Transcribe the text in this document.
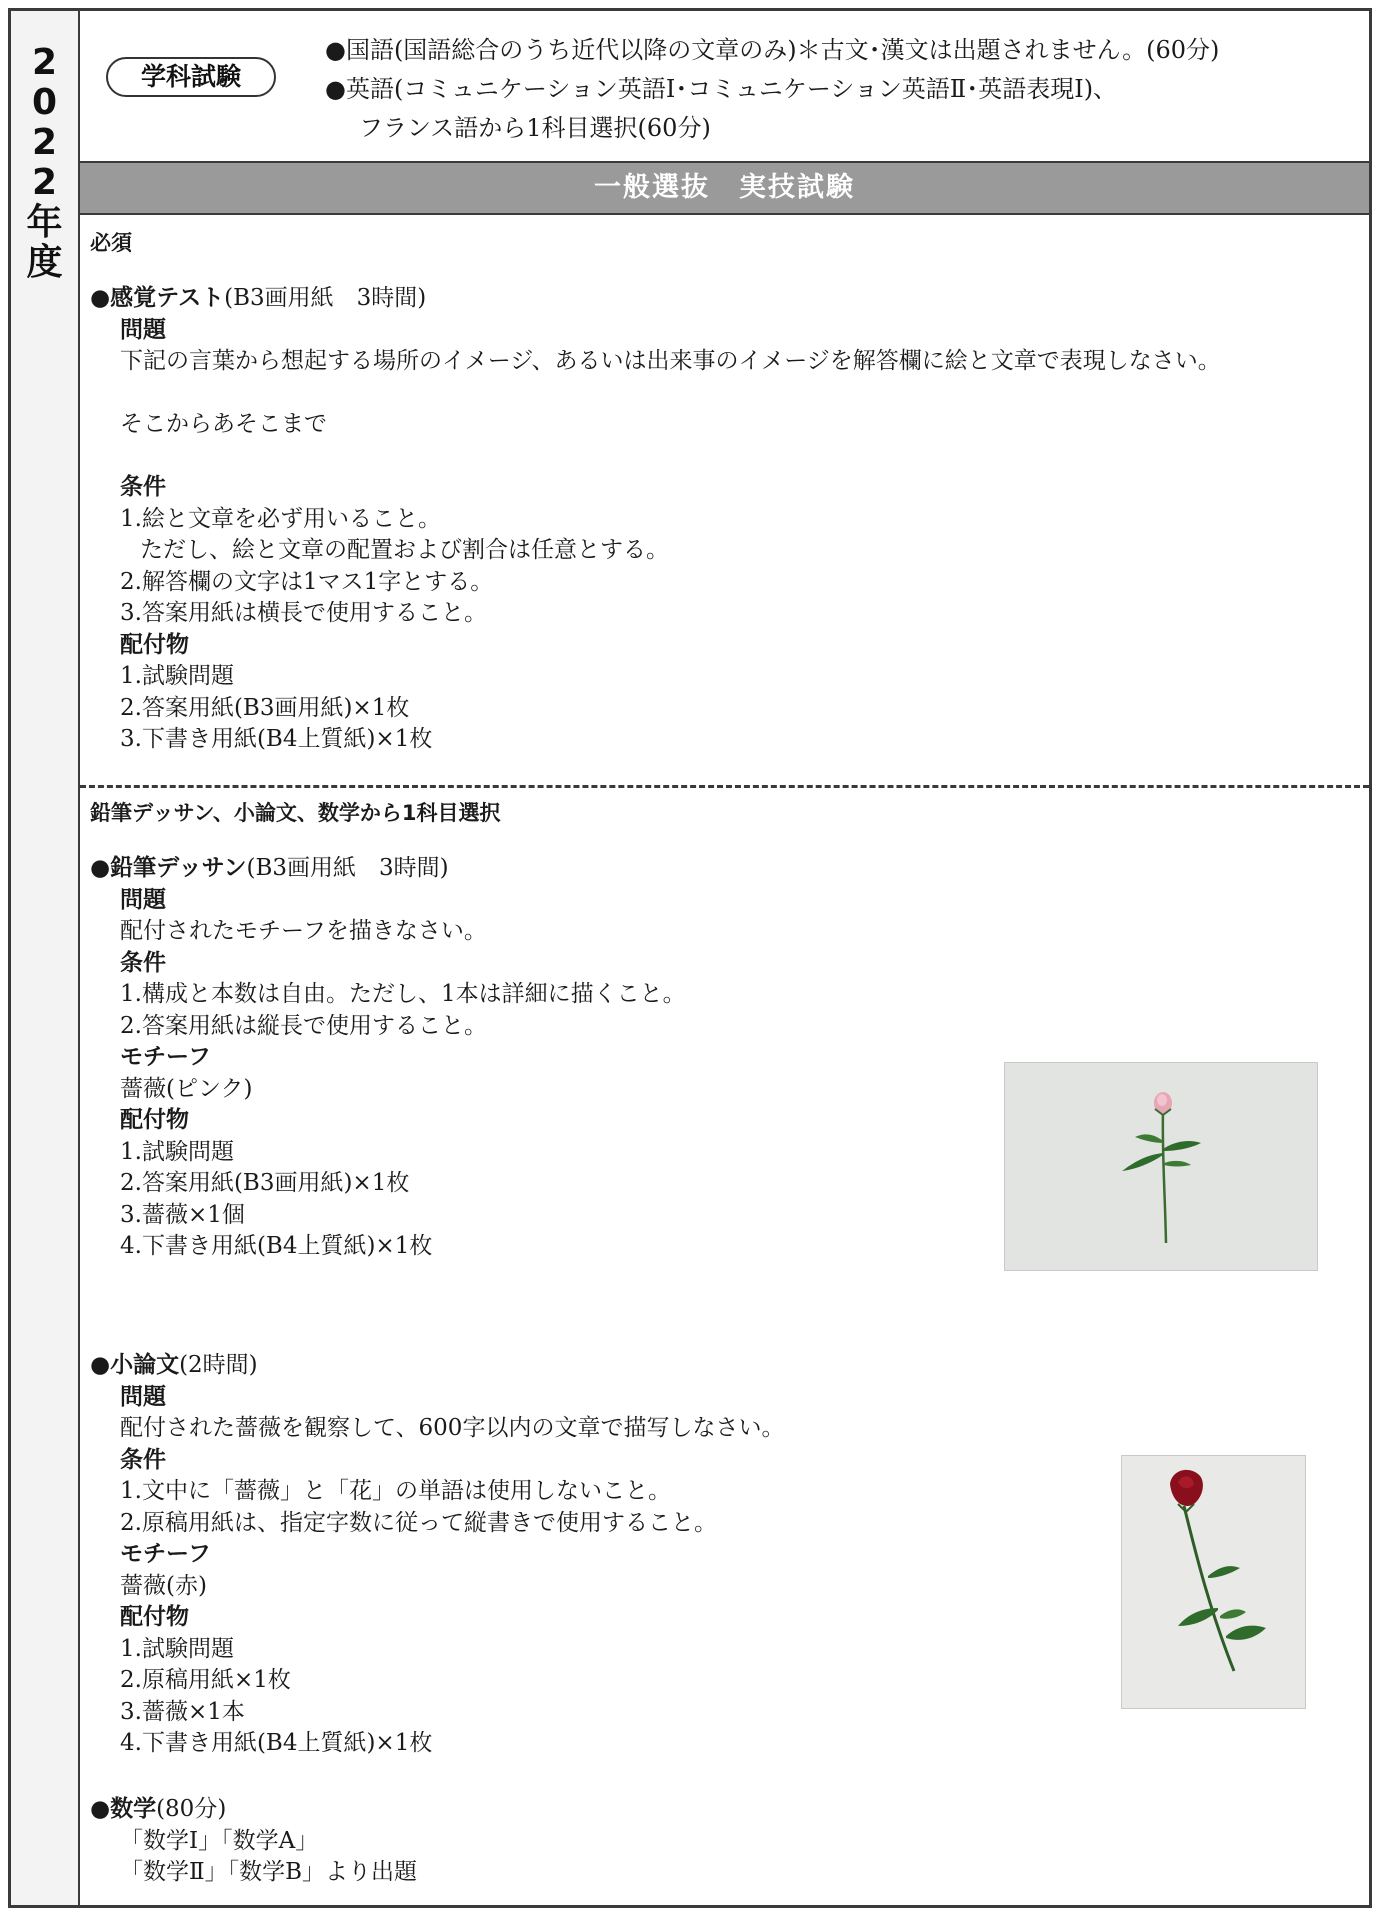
2
0
2
2
年
度
学科試験
●国語(国語総合のうち近代以降の文章のみ)＊古文･漢文は出題されません。(60分)
●英語(コミュニケーション英語Ⅰ･コミュニケーション英語Ⅱ･英語表現Ⅰ)、
フランス語から1科目選択(60分)
一般選抜　実技試験
必須
●感覚テスト(B3画用紙　3時間)
問題
下記の言葉から想起する場所のイメージ、あるいは出来事のイメージを解答欄に絵と文章で表現しなさい。
そこからあそこまで
条件
1.絵と文章を必ず用いること。
ただし、絵と文章の配置および割合は任意とする。
2.解答欄の文字は1マス1字とする。
3.答案用紙は横長で使用すること。
配付物
1.試験問題
2.答案用紙(B3画用紙)×1枚
3.下書き用紙(B4上質紙)×1枚
鉛筆デッサン、小論文、数学から1科目選択
●鉛筆デッサン(B3画用紙　3時間)
問題
配付されたモチーフを描きなさい。
条件
1.構成と本数は自由。ただし、1本は詳細に描くこと。
2.答案用紙は縦長で使用すること。
モチーフ
薔薇(ピンク)
配付物
1.試験問題
2.答案用紙(B3画用紙)×1枚
3.薔薇×1個
4.下書き用紙(B4上質紙)×1枚
●小論文(2時間)
問題
配付された薔薇を観察して、600字以内の文章で描写しなさい。
条件
1.文中に「薔薇」と「花」の単語は使用しないこと。
2.原稿用紙は、指定字数に従って縦書きで使用すること。
モチーフ
薔薇(赤)
配付物
1.試験問題
2.原稿用紙×1枚
3.薔薇×1本
4.下書き用紙(B4上質紙)×1枚
●数学(80分)
「数学Ⅰ」「数学A」
「数学Ⅱ」「数学B」より出題
